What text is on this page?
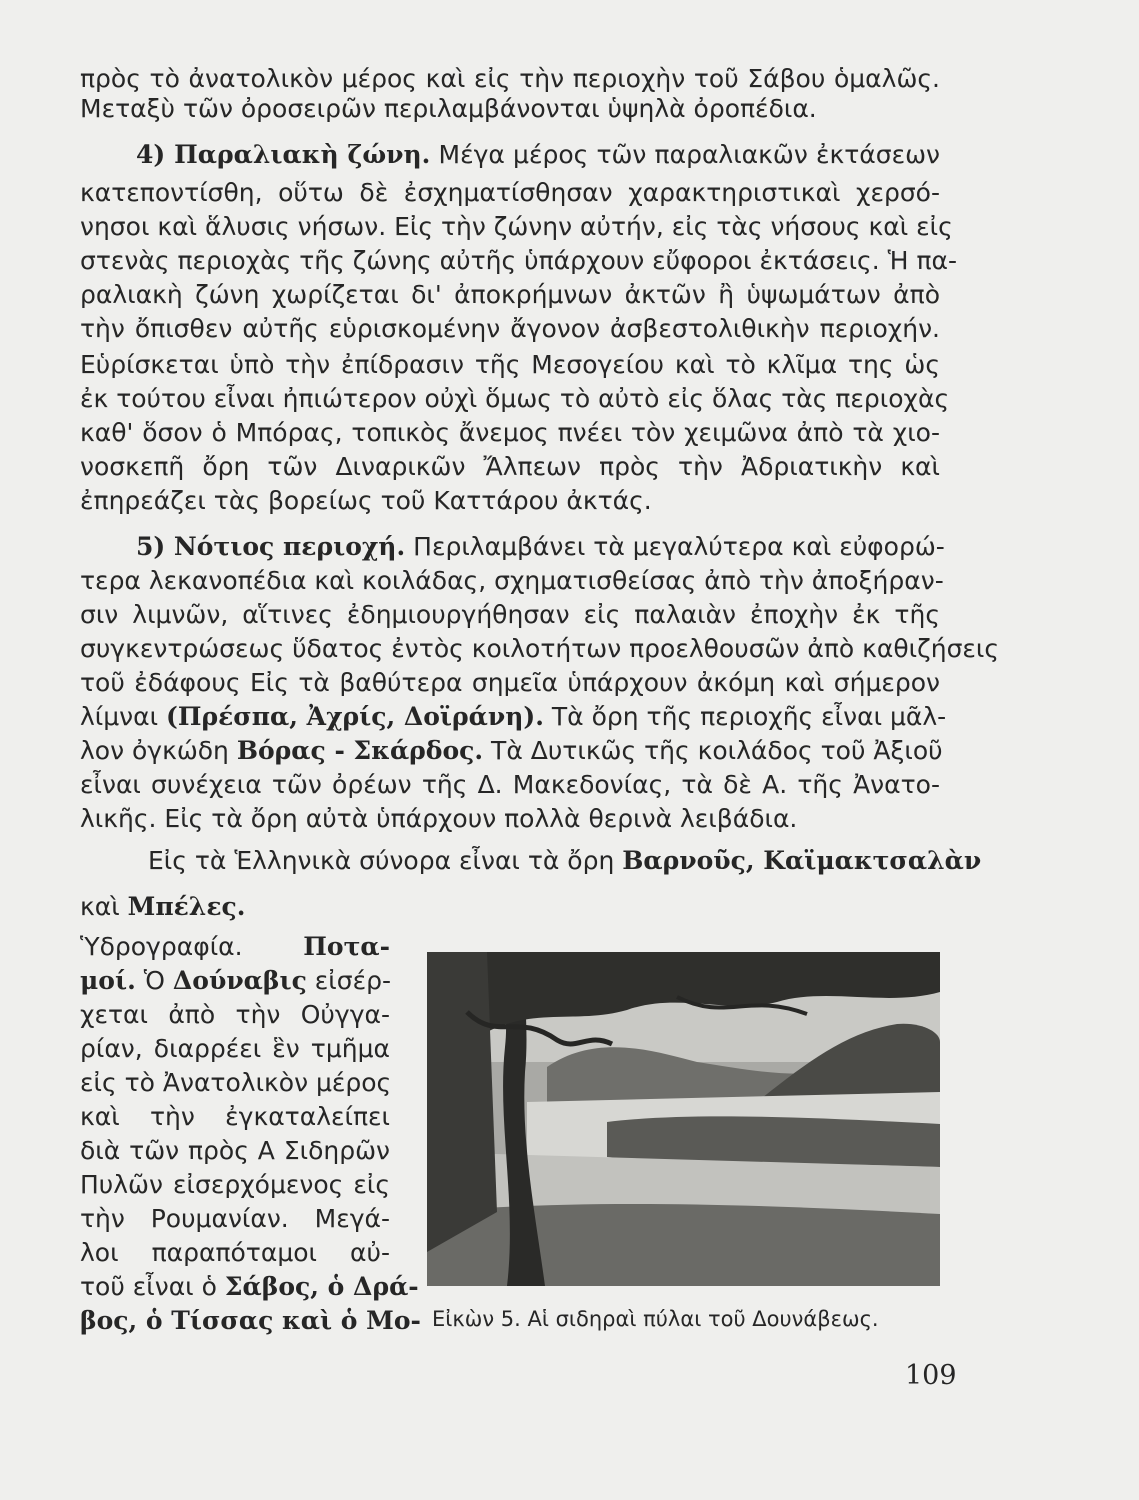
πρὸς τὸ ἀνατολικὸν μέρος καὶ εἰς τὴν περιοχὴν τοῦ Σάβου ὁμαλῶς.
Μεταξὺ τῶν ὀροσειρῶν περιλαμβάνονται ὑψηλὰ ὀροπέδια.
4) Παραλιακὴ ζώνη. Μέγα μέρος τῶν παραλιακῶν ἐκτάσεων
κατεποντίσθη, οὕτω δὲ ἐσχηματίσθησαν χαρακτηριστικαὶ χερσό-
νησοι καὶ ἅλυσις νήσων. Εἰς τὴν ζώνην αὐτήν, εἰς τὰς νήσους καὶ εἰς
στενὰς περιοχὰς τῆς ζώνης αὐτῆς ὑπάρχουν εὔφοροι ἐκτάσεις. Ἡ πα-
ραλιακὴ ζώνη χωρίζεται δι' ἀποκρήμνων ἀκτῶν ἢ ὑψωμάτων ἀπὸ
τὴν ὄπισθεν αὐτῆς εὑρισκομένην ἄγονον ἀσβεστολιθικὴν περιοχήν.
Εὑρίσκεται ὑπὸ τὴν ἐπίδρασιν τῆς Μεσογείου καὶ τὸ κλῖμα της ὡς
ἐκ τούτου εἶναι ἠπιώτερον οὐχὶ ὅμως τὸ αὐτὸ εἰς ὅλας τὰς περιοχὰς
καθ' ὅσον ὁ Μπόρας, τοπικὸς ἄνεμος πνέει τὸν χειμῶνα ἀπὸ τὰ χιο-
νοσκεπῆ ὄρη τῶν Διναρικῶν Ἄλπεων πρὸς τὴν Ἀδριατικὴν καὶ
ἐπηρεάζει τὰς βορείως τοῦ Καττάρου ἀκτάς.
5) Νότιος περιοχή. Περιλαμβάνει τὰ μεγαλύτερα καὶ εὐφορώ-
τερα λεκανοπέδια καὶ κοιλάδας, σχηματισθείσας ἀπὸ τὴν ἀποξήραν-
σιν λιμνῶν, αἵτινες ἐδημιουργήθησαν εἰς παλαιὰν ἐποχὴν ἐκ τῆς
συγκεντρώσεως ὕδατος ἐντὸς κοιλοτήτων προελθουσῶν ἀπὸ καθιζήσεις
τοῦ ἐδάφους Εἰς τὰ βαθύτερα σημεῖα ὑπάρχουν ἀκόμη καὶ σήμερον
λίμναι (Πρέσπα, Ἀχρίς, Δοϊράνη). Τὰ ὄρη τῆς περιοχῆς εἶναι μᾶλ-
λον ὀγκώδη Βόρας - Σκάρδος. Τὰ Δυτικῶς τῆς κοιλάδος τοῦ Ἀξιοῦ
εἶναι συνέχεια τῶν ὀρέων τῆς Δ. Μακεδονίας, τὰ δὲ Α. τῆς Ἀνατο-
λικῆς. Εἰς τὰ ὄρη αὐτὰ ὑπάρχουν πολλὰ θερινὰ λειβάδια.
Εἰς τὰ Ἑλληνικὰ σύνορα εἶναι τὰ ὄρη Βαρνοῦς, Καϊμακτσαλὰν
καὶ Μπέλες.
Ὑδρογραφία. Ποτα-
μοί. Ὁ Δούναβις εἰσέρ-
χεται ἀπὸ τὴν Οὐγγα-
ρίαν, διαρρέει ἓν τμῆμα
εἰς τὸ Ἀνατολικὸν μέρος
καὶ τὴν ἐγκαταλείπει
διὰ τῶν πρὸς Α Σιδηρῶν
Πυλῶν εἰσερχόμενος εἰς
τὴν Ρουμανίαν. Μεγά-
λοι παραπόταμοι αὐ-
τοῦ εἶναι ὁ Σάβος, ὁ Δρά-
βος, ὁ Τίσσας καὶ ὁ Μο- Εἰκὼν 5. Αἱ σιδηραὶ πύλαι τοῦ Δουνάβεως.
109
